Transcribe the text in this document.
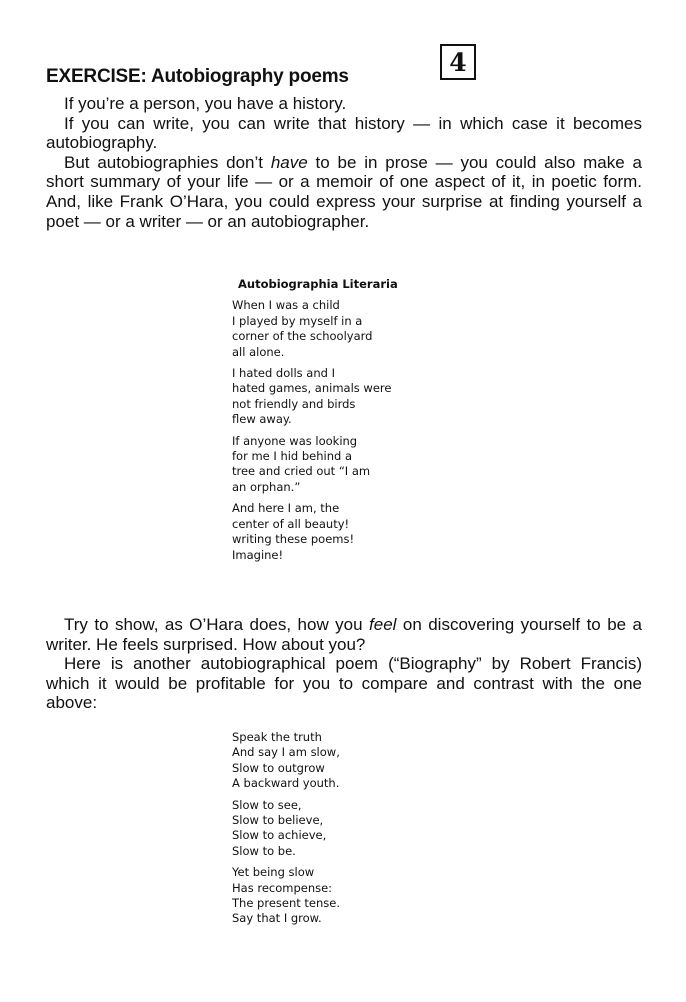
EXERCISE: Autobiography poems	4

If you’re a person, you have a history.

If you can write, you can write that history — in which case it becomes autobiography.

But autobiographies don’t have to be in prose — you could also make a short summary of your life — or a memoir of one aspect of it, in poetic form. And, like Frank O’Hara, you could express your surprise at finding yourself a poet — or a writer — or an autobiographer.

Autobiographia Literaria
When I was a child
I played by myself in a
corner of the schoolyard
all alone.
I hated dolls and I
hated games, animals were
not friendly and birds
flew away.
If anyone was looking
for me I hid behind a
tree and cried out “I am
an orphan.”
And here I am, the
center of all beauty!
writing these poems!
Imagine!

Try to show, as O’Hara does, how you feel on discovering yourself to be a writer. He feels surprised. How about you?

Here is another autobiographical poem (“Biography” by Robert Francis) which it would be profitable for you to compare and contrast with the one above:

Speak the truth
And say I am slow,
Slow to outgrow
A backward youth.
Slow to see,
Slow to believe,
Slow to achieve,
Slow to be.
Yet being slow
Has recompense:
The present tense.
Say that I grow.
